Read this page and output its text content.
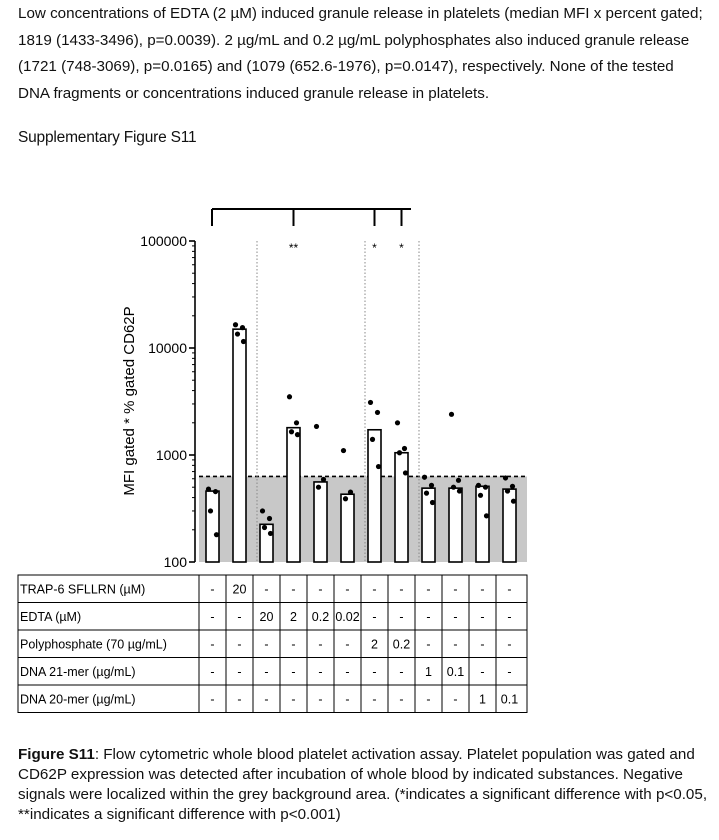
Low concentrations of EDTA (2 µM) induced granule release in platelets (median MFI x percent gated; 1819 (1433-3496), p=0.0039). 2 µg/mL and 0.2 µg/mL polyphosphates also induced granule release (1721 (748-3069), p=0.0165) and (1079 (652.6-1976), p=0.0147), respectively. None of the tested DNA fragments or concentrations induced granule release in platelets.

Supplementary Figure S11

100
1000
10000
100000
MFI gated * % gated CD62P
**	* *
TRAP-6 SFLLRN (µM)	- 20 - - - - - - - - - -
EDTA (µM)	- - 20 2 0.2 0.02 - - - - - -
Polyphosphate (70 µg/mL)	- - - - - - 2 0.2 - - - -
DNA 21-mer (µg/mL)	- - - - - - - - 1 0.1 - -
DNA 20-mer (µg/mL)	- - - - - - - - - - 1 0.1

Figure S11: Flow cytometric whole blood platelet activation assay. Platelet population was gated and CD62P expression was detected after incubation of whole blood by indicated substances. Negative signals were localized within the grey background area. (*indicates a significant difference with p<0.05, **indicates a significant difference with p<0.001)
